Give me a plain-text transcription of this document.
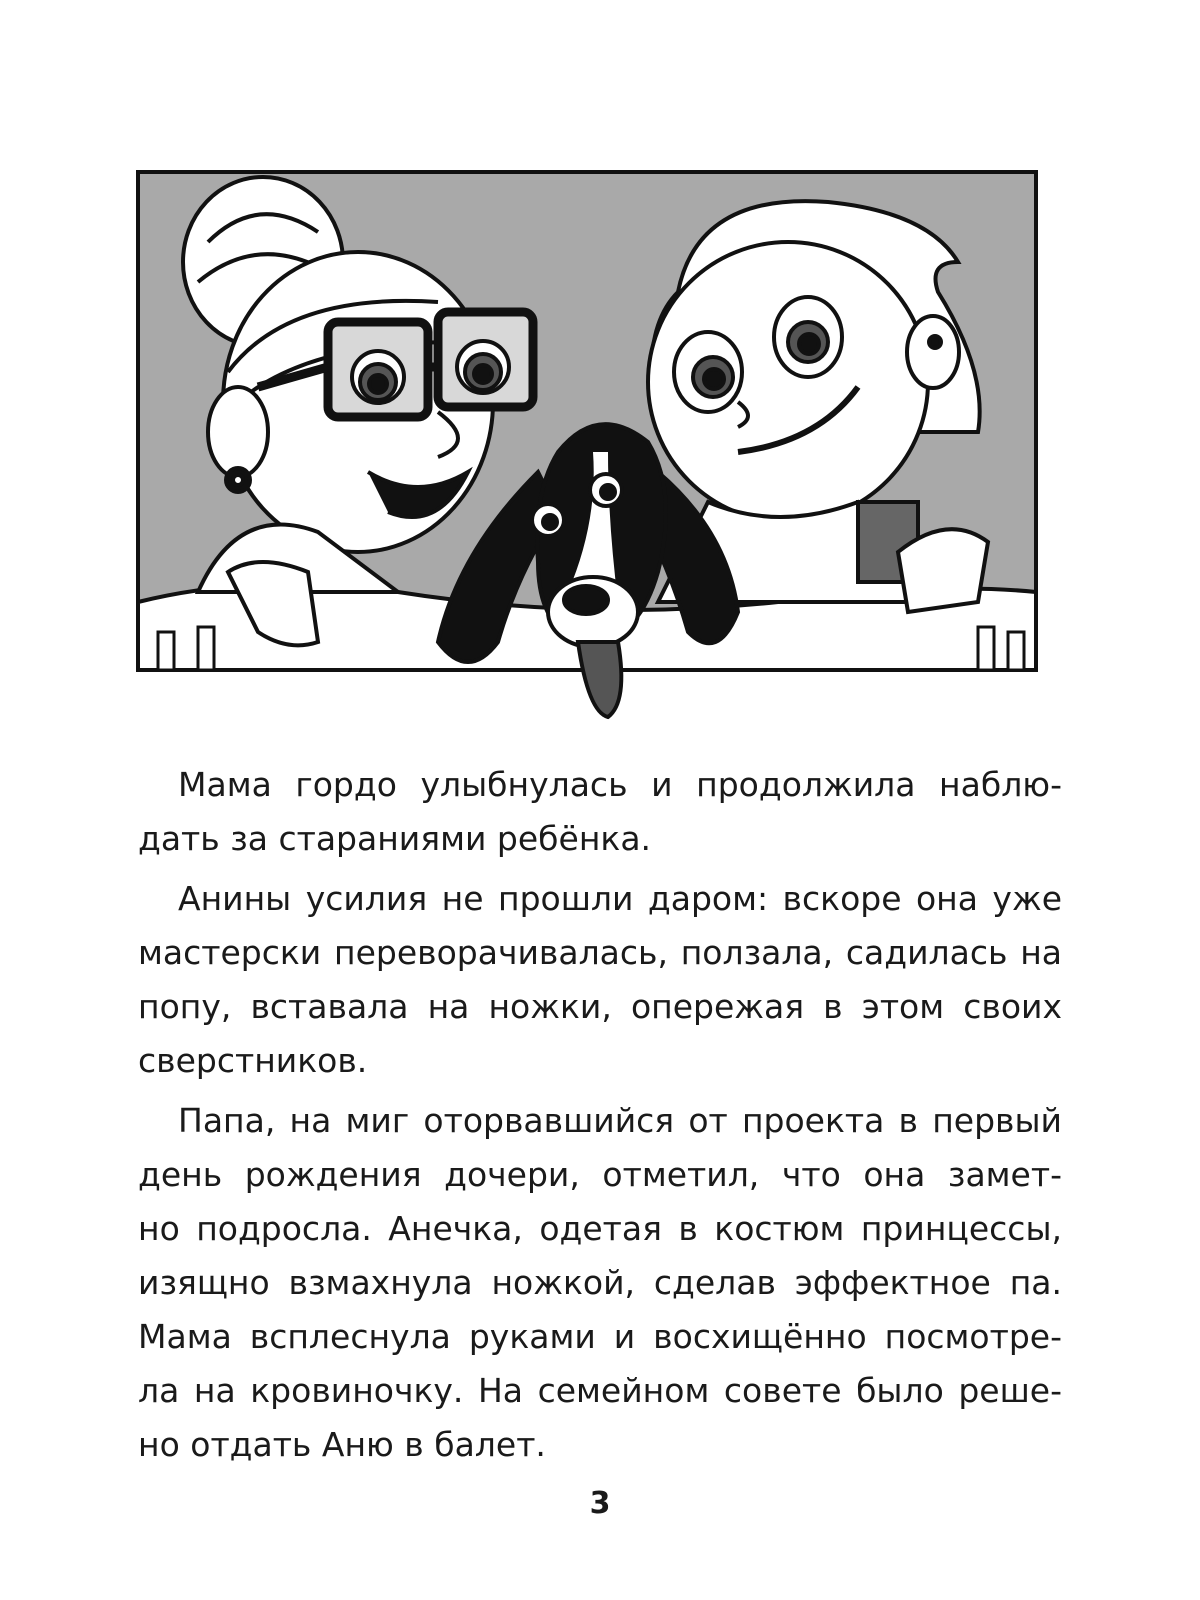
Мама гордо улыбнулась и продолжила наблю-
дать за стараниями ребёнка.

Анины усилия не прошли даром: вскоре она уже
мастерски переворачивалась, ползала, садилась на
попу, вставала на ножки, опережая в этом своих
сверстников.

Папа, на миг оторвавшийся от проекта в первый
день рождения дочери, отметил, что она замет-
но подросла. Анечка, одетая в костюм принцессы,
изящно взмахнула ножкой, сделав эффектное па.
Мама всплеснула руками и восхищённо посмотре-
ла на кровиночку. На семейном совете было реше-
но отдать Аню в балет.

3
